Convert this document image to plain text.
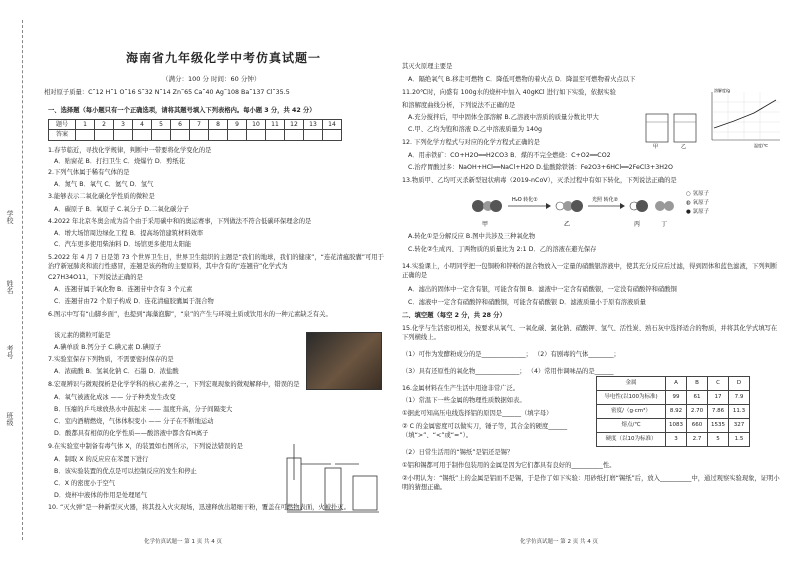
学校
姓名
考号
班级
海南省九年级化学中考仿真试题一
（满分：100 分 时间：60 分钟）
相对原子质量：C˜12 H˜1 O˜16 S˜32 N˜14 Zn˜65 Ca˜40 Ag˜108 Ba˜137 Cl˜35.5
一、选择题（每小题只有一个正确选项，请将其题号填入下列表格内。每小题 3 分，共 42 分）
题号	1	2	3	4	5	6	7	8	9	10	11	12	13	14
答案														
1.春节临近，寻找化学规律，判断中一带要将化学变化的是
A．贴窗花 B．打扫卫生 C．烧爆竹 D．剪纸花
2.下列气体属于稀有气体的是
A．氮气 B．氧气 C．氦气 D．氢气
3.能够表示二氧化碳化学性质的微粒是
A．碳原子 B．氧原子 C.氧分子 D.二氧化碳分子
4.2022 年北京冬奥会成为首个由于采用碳中和的奥运赛事，下列做法不符合低碳环保理念的是
A．增大场馆周边绿化工程 B．提高场馆建筑材料效率
C．汽车更多使用柴油料 D．场馆更多使用太阳能
5.2022 年 4 月 7 日是第 73 个世界卫生日，世界卫生组织的主题是“我们的地球，我们的健康”，“连花清瘟胶囊”可用于治疗新冠肺炎和流行性感冒，连翘是该药物的主要原料，其中含有的“连翘苷”化学式为
C27H34O11，下列说法正确的是
A．连翘苷属于氧化物 B．连翘苷中含有 3 个元素
C．连翘苷由72 个原子构成 D．连花清瘟胶囊属于混合物
6.图示中写有“山脚乡面”，也提到“海藻泡脚”，“泉”的产生与环境土质或饮用水的一种元素缺乏有关。
该元素的微粒可能是
A.碘单质 B.钙分子 C.碘元素 D.碘原子
7.实验室保存下列物质，不需要密封保存的是
A．浓硫酸 B．氢氧化钠 C．石墨 D．浓盐酸
8.宏观辨识与微观探析是化学学科的核心素养之一，下列宏观现象的微观解释中，错误的是
A．氧气被液化成冰 —— 分子种类发生改变
B．压瘪的乒乓球放热水中鼓起来 —— 温度升高，分子间隔变大
C．室内酒精燃烧，气体体积变小 —— 分子在不断地运动
D．酸都具有相似的化学性质——酸溶液中都含有H离子
9.在实验室中制备有毒气体 X，的装置如右图所示，下列说法错误的是
A．制取 X 的反应应在苯置下进行
B．该实验装置的优点是可以控制反应的发生和停止
C．X 的密度小于空气
D．烧杯中液体的作用是处理尾气
10. “灭火弹”是一种新型灭火器，将其投入火灾现场，迅速释放出超细干粉，覆盖在可燃物表面，火被扑灭。
化学仿真试题一 第 1 页 共 4 页
其灭火原理主要是
A．隔绝氧气 B.移走可燃物 C．降低可燃物的着火点 D．降温至可燃物着火点以下
11.20℃时，向盛有 100g水的烧杯中加入 40gKCl 进行如下实验，依据实验
和溶解度曲线分析，下列说法不正确的是
A.充分搅拌后，甲中固体全部溶解 B.乙溶液中溶质的质量分数比甲大
C.甲、乙均为饱和溶液 D.乙中溶液质量为 140g
12. 下列化学方程式与对应的化学方程式正确的是
A．用赤铁矿：CO+H2O══H2CO3 B．煤的不完全燃烧：C+O2══CO2
C.治疗胃酸过多：NaOH+HCl══NaCl+H2O D.盐酸除铁锈：Fe2O3+6HCl══2FeCl3+3H2O
13.物质甲、乙均可灭杀新型冠状病毒（2019-nCoV），灭杀过程中有如下转化，下列说法正确的是
甲	乙
溶解度/g
温度/℃
甲
H₂O 转化①
乙
光照 转化②
丙	丁
○ 氢原子
◍ 氧原子
● 氯原子
A.转化①是分解反应 B.图中共涉及三种氧化物
C.转化②生成丙、丁两物质的质量比为 2:1 D．乙的溶液在避光保存
14.实验课上，小明同学把一包铜粉和锌粉的混合物放入一定量的硝酸银溶液中，使其充分反应后过滤，得到固体和蓝色滤液，下列判断正确的是
A．滤出的固体中一定含有银，可能含有铜 B．滤液中一定含有硝酸银，一定没有硝酸锌和硝酸铜
C．滤液中一定含有硝酸锌和硝酸铜，可能含有硝酸银 D．滤液质量小于原有溶液质量
二、填空题（每空 2 分，共 28 分）
15.化学与生活密切相关，按要求从氧气、一氧化碳、氯化钠、硝酸钾、氢气、活性炭、熟石灰中选择适合的物质，并将其化学式填写在下列横线上。
（1）可作为发酵粉成分的是______________； （2）有剧毒的气体________；
（3）具有还原性的氧化物______________； （4）常用作调味品的是______
16.金属材料在生产生活中用途非常广泛。
（1）常温下一些金属的物理性质数据如表。
①据此可知高压电线选择铝的原因是______（填字母）
② C 的金属密度可以做实刀，锤子等，其合金的硬度______（填“>”、“<”或“=”）。
（2）日常生活用的“锡纸”是铝还是锡？
①铝和锡都可用于制作包装用的金属是因为它们都具有良好的__________性。
②小明认为：“锡纸”上的金属是铝而不是锡，于是作了如下实验：用砂纸打磨“锡纸”后，放入__________中，通过观察实验现象，证明小明的猜想正确。
金属	A	B	C	D
导电性(以100为标准)	99	61	17	7.9
密度/（g·cm³）	8.92	2.70	7.86	11.3
熔点/℃	1083	660	1535	327
硬度（以10为标准）	3	2.7	5	1.5
化学仿真试题一 第 2 页 共 4 页
